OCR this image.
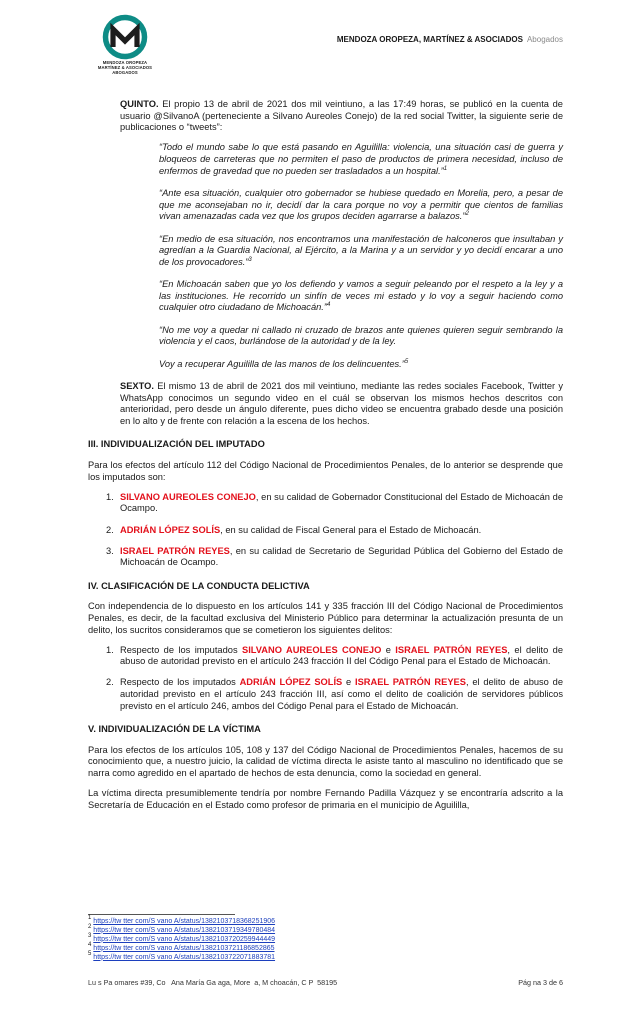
MENDOZA OROPEZA
MARTÍNEZ & ASOCIADOS
ABOGADOS
MENDOZA OROPEZA, MARTÍNEZ & ASOCIADOS Abogados

QUINTO. El propio 13 de abril de 2021 dos mil veintiuno, a las 17:49 horas, se publicó en la cuenta de usuario @SilvanoA (perteneciente a Silvano Aureoles Conejo) de la red social Twitter, la siguiente serie de publicaciones o “tweets”:

“Todo el mundo sabe lo que está pasando en Aguililla: violencia, una situación casi de guerra y bloqueos de carreteras que no permiten el paso de productos de primera necesidad, incluso de enfermos de gravedad que no pueden ser trasladados a un hospital.”$^1$

“Ante esa situación, cualquier otro gobernador se hubiese quedado en Morelia, pero, a pesar de que me aconsejaban no ir, decidí dar la cara porque no voy a permitir que cientos de familias vivan amenazadas cada vez que los grupos deciden agarrarse a balazos.”$^2$

“En medio de esa situación, nos encontramos una manifestación de halconeros que insultaban y agredían a la Guardia Nacional, al Ejército, a la Marina y a un servidor y yo decidí encarar a uno de los provocadores.”$^3$

“En Michoacán saben que yo los defiendo y vamos a seguir peleando por el respeto a la ley y a las instituciones. He recorrido un sinfín de veces mi estado y lo voy a seguir haciendo como cualquier otro ciudadano de Michoacán.”$^4$

“No me voy a quedar ni callado ni cruzado de brazos ante quienes quieren seguir sembrando la violencia y el caos, burlándose de la autoridad y de la ley.

Voy a recuperar Aguililla de las manos de los delincuentes.”$^5$

SEXTO. El mismo 13 de abril de 2021 dos mil veintiuno, mediante las redes sociales Facebook, Twitter y WhatsApp conocimos un segundo video en el cuál se observan los mismos hechos descritos con anterioridad, pero desde un ángulo diferente, pues dicho video se encuentra grabado desde una posición en lo alto y de frente con relación a la escena de los hechos.

III. INDIVIDUALIZACIÓN DEL IMPUTADO

Para los efectos del artículo 112 del Código Nacional de Procedimientos Penales, de lo anterior se desprende que los imputados son:

1. SILVANO AUREOLES CONEJO, en su calidad de Gobernador Constitucional del Estado de Michoacán de Ocampo.
2. ADRIÁN LÓPEZ SOLÍS, en su calidad de Fiscal General para el Estado de Michoacán.
3. ISRAEL PATRÓN REYES, en su calidad de Secretario de Seguridad Pública del Gobierno del Estado de Michoacán de Ocampo.
IV. CLASIFICACIÓN DE LA CONDUCTA DELICTIVA

Con independencia de lo dispuesto en los artículos 141 y 335 fracción III del Código Nacional de Procedimientos Penales, es decir, de la facultad exclusiva del Ministerio Público para determinar la actualización presunta de un delito, los sucritos consideramos que se cometieron los siguientes delitos:

1. Respecto de los imputados SILVANO AUREOLES CONEJO e ISRAEL PATRÓN REYES, el delito de abuso de autoridad previsto en el artículo 243 fracción II del Código Penal para el Estado de Michoacán.
2. Respecto de los imputados ADRIÁN LÓPEZ SOLÍS e ISRAEL PATRÓN REYES, el delito de abuso de autoridad previsto en el artículo 243 fracción III, así como el delito de coalición de servidores públicos previsto en el artículo 246, ambos del Código Penal para el Estado de Michoacán.
V. INDIVIDUALIZACIÓN DE LA VÍCTIMA

Para los efectos de los artículos 105, 108 y 137 del Código Nacional de Procedimientos Penales, hacemos de su conocimiento que, a nuestro juicio, la calidad de víctima directa le asiste tanto al masculino no identificado que se narra como agredido en el apartado de hechos de esta denuncia, como la sociedad en general.

La víctima directa presumiblemente tendría por nombre Fernando Padilla Vázquez y se encontraría adscrito a la Secretaría de Educación en el Estado como profesor de primaria en el municipio de Aguililla,

$^1$ https://tw tter com/S vano A/status/1382103718368251906
$^2$ https://tw tter com/S vano A/status/1382103719349780484
$^3$ https://tw tter com/S vano A/status/1382103720259944449
$^4$ https://tw tter com/S vano A/status/1382103721186852865
$^5$ https://tw tter com/S vano A/status/1382103722071883781
Lu s Pa omares #39, Co   Ana María Ga aga, More  a, M choacán, C P  58195	Pág na 3 de 6
